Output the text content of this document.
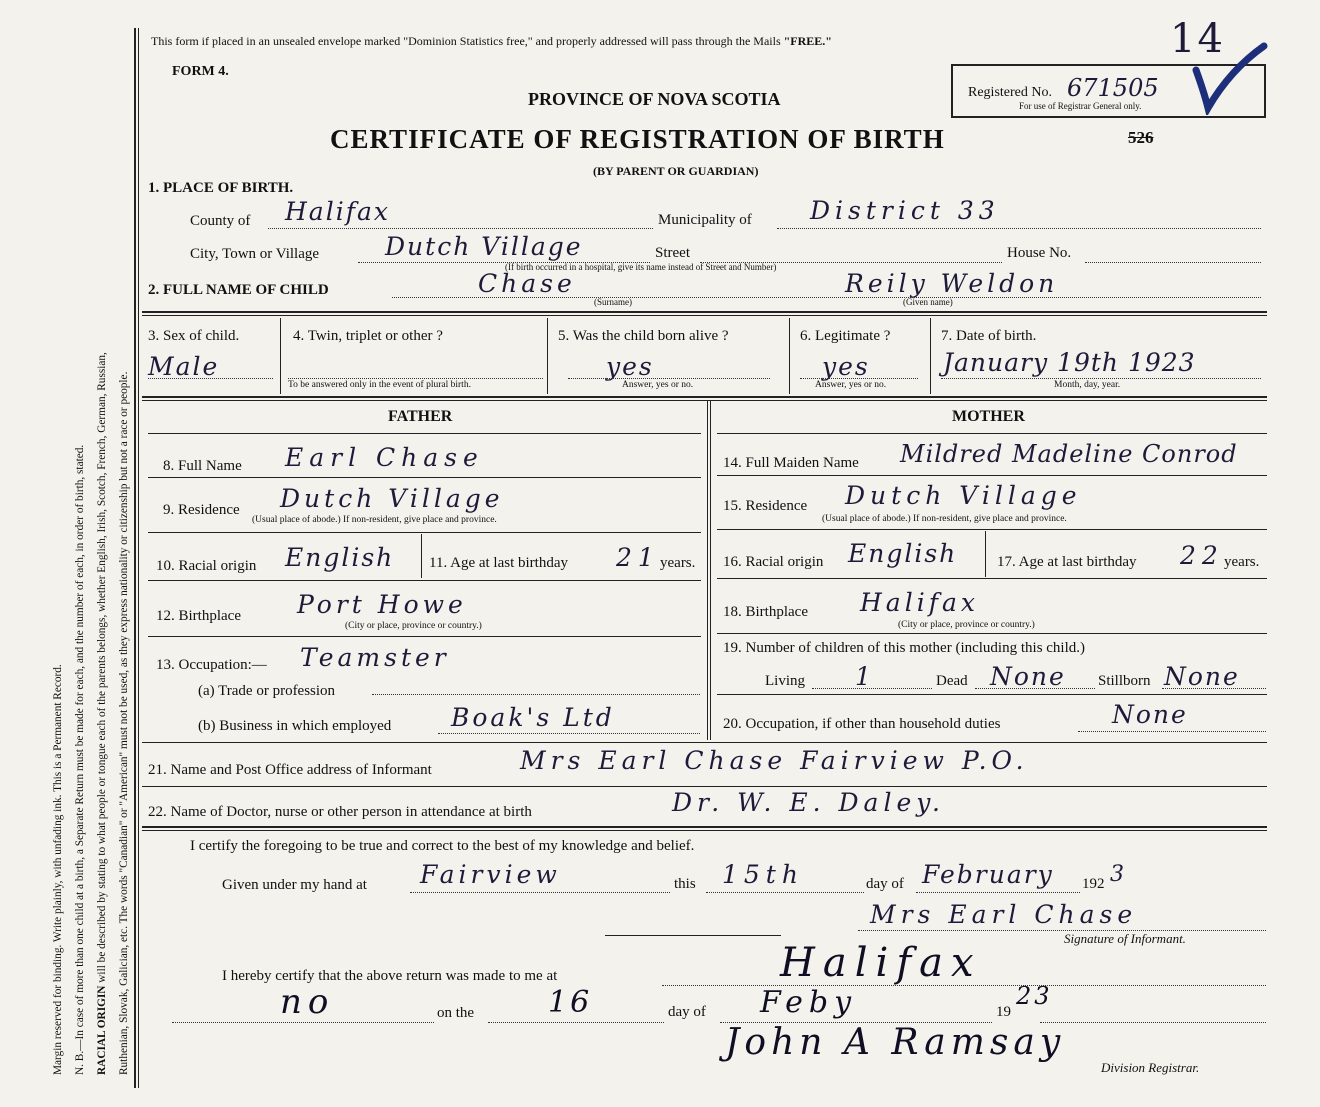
Margin reserved for binding. Write plainly, with unfading ink. This is a Permanent Record. N. B.—In case of more than one child at a birth, a Separate Return must be made for each, and the number of each, in order of birth, stated. RACIAL ORIGIN will be described by stating to what people or tongue each of the parents belongs, whether English, Irish, Scotch, French, German, Russian, Ruthenian, Slovak, Galician, etc. The words "Canadian" or "American" must not be used, as they express nationality or citizenship but not a race or people.
This form if placed in an unsealed envelope marked "Dominion Statistics free," and properly addressed will pass through the Mails "FREE."
FORM 4.
PROVINCE OF NOVA SCOTIA
CERTIFICATE OF REGISTRATION OF BIRTH
(BY PARENT OR GUARDIAN)
Registered No. 671505
For use of Registrar General only.
14
526
1. PLACE OF BIRTH.
County of Halifax	Municipality of District 33
City, Town or Village	Dutch Village	Street	House No.
(If birth occurred in a hospital, give its name instead of Street and Number)
2. FULL NAME OF CHILD	Chase	Reily Weldon
(Surname)	(Given name)
3. Sex of child.
Male
4. Twin, triplet or other ?
To be answered only in the event of plural birth.
5. Was the child born alive ?
yes
Answer, yes or no.
6. Legitimate ?
yes
Answer, yes or no.
7. Date of birth.
January 19th 1923
Month, day, year.
FATHER
8. Full Name Earl Chase
9. Residence Dutch Village
(Usual place of abode.) If non-resident, give place and province.
10. Racial origin English 11. Age at last birthday 21 years.
12. Birthplace Port Howe
(City or place, province or country.)
13. Occupation:— Teamster
(a) Trade or profession
(b) Business in which employed Boak's Ltd
MOTHER
14. Full Maiden Name Mildred Madeline Conrod
15. Residence Dutch Village
(Usual place of abode.) If non-resident, give place and province.
16. Racial origin English	17. Age at last birthday 22 years.
18. Birthplace Halifax
(City or place, province or country.)
19. Number of children of this mother (including this child.)
Living 1	Dead None Stillborn None
20. Occupation, if other than household duties	None
21. Name and Post Office address of Informant	Mrs Earl Chase Fairview P.O.
22. Name of Doctor, nurse or other person in attendance at birth	Dr. W. E. Daley.
I certify the foregoing to be true and correct to the best of my knowledge and belief.
Given under my hand at Fairview	this 15th	day of February 192 3
Mrs Earl Chase
Signature of Informant.
I hereby certify that the above return was made to me at	Halifax
no	on the 16	day of Feby	19
23
John A Ramsay
Division Registrar.
